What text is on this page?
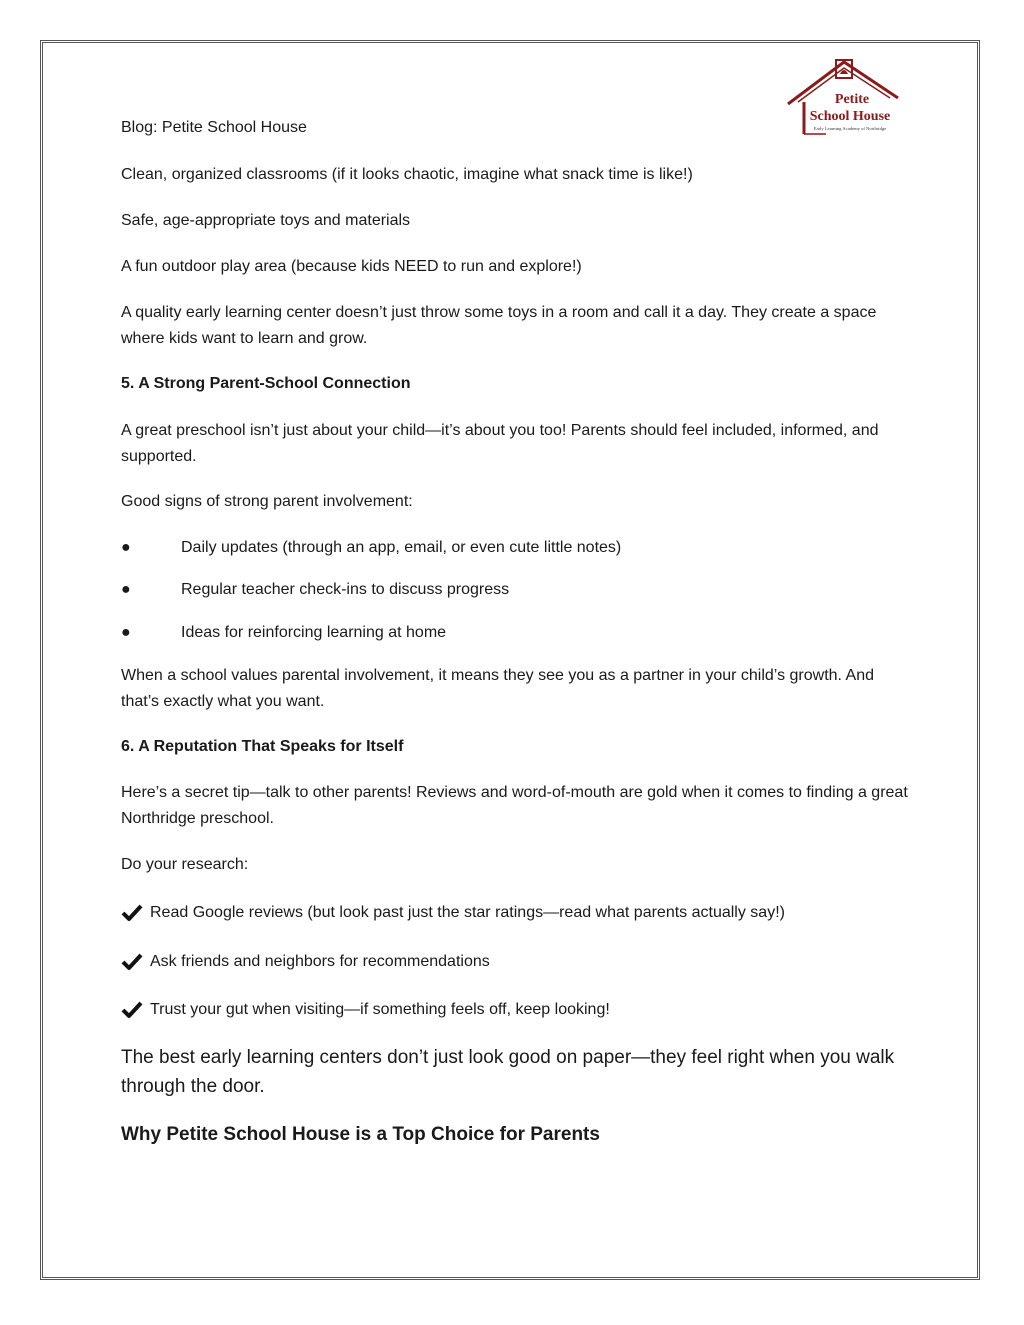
Petite
School House
Early Learning Academy of Northridge

Blog: Petite School House

Clean, organized classrooms (if it looks chaotic, imagine what snack time is like!)

Safe, age-appropriate toys and materials

A fun outdoor play area (because kids NEED to run and explore!)

A quality early learning center doesn’t just throw some toys in a room and call it a day. They create a space where kids want to learn and grow.

5. A Strong Parent-School Connection

A great preschool isn’t just about your child—it’s about you too! Parents should feel included, informed, and supported.

Good signs of strong parent involvement:

●	Daily updates (through an app, email, or even cute little notes)
●	Regular teacher check-ins to discuss progress
●	Ideas for reinforcing learning at home

When a school values parental involvement, it means they see you as a partner in your child’s growth. And that’s exactly what you want.

6. A Reputation That Speaks for Itself

Here’s a secret tip—talk to other parents! Reviews and word-of-mouth are gold when it comes to finding a great Northridge preschool.

Do your research:

Read Google reviews (but look past just the star ratings—read what parents actually say!)
Ask friends and neighbors for recommendations
Trust your gut when visiting—if something feels off, keep looking!

The best early learning centers don’t just look good on paper—they feel right when you walk through the door.

Why Petite School House is a Top Choice for Parents
